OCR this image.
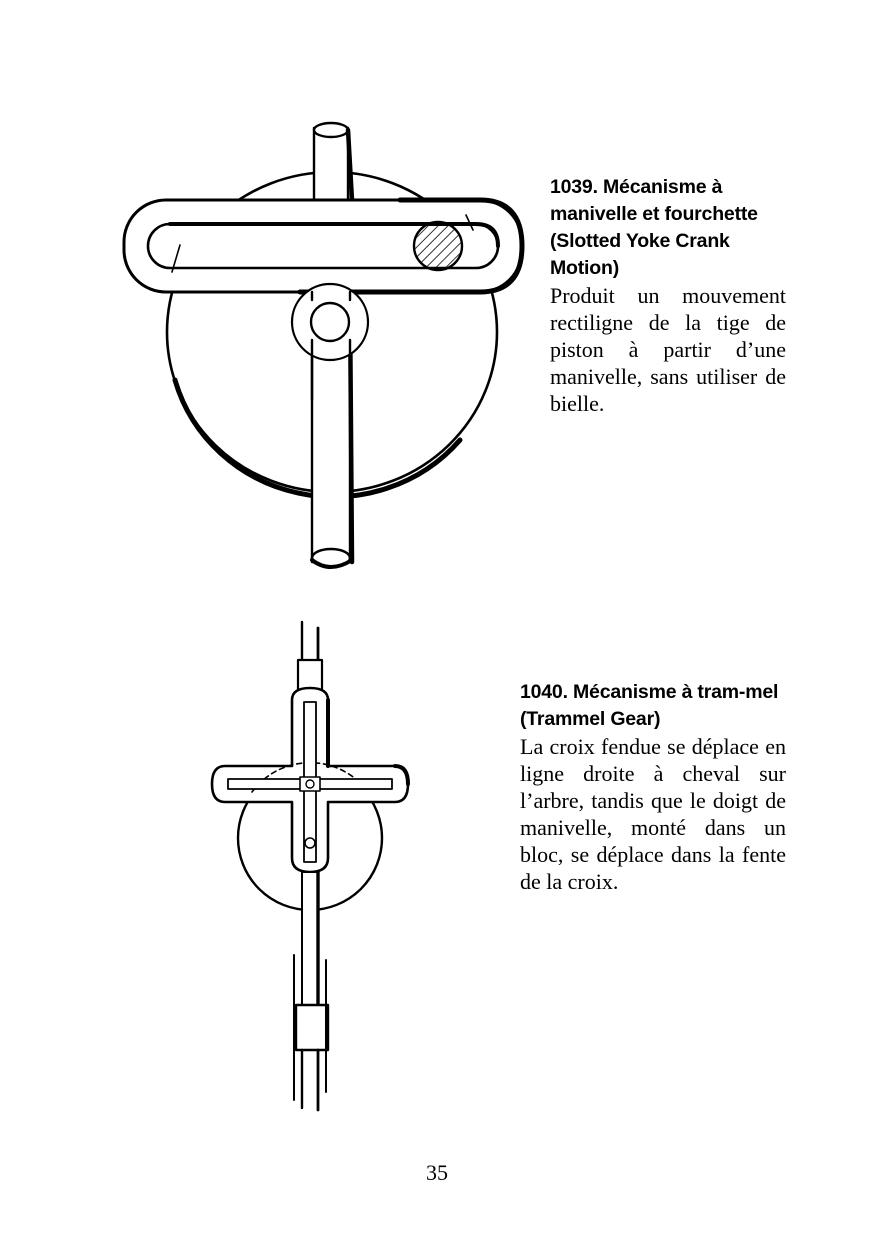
1039. Mécanisme à manivelle et fourchette (Slotted Yoke Crank Motion)

Produit un mouvement rectiligne de la tige de piston à partir d’une manivelle, sans utiliser de bielle.

1040. Mécanisme à tram-mel (Trammel Gear)

La croix fendue se déplace en ligne droite à cheval sur l’arbre, tandis que le doigt de manivelle, monté dans un bloc, se déplace dans la fente de la croix.

35
